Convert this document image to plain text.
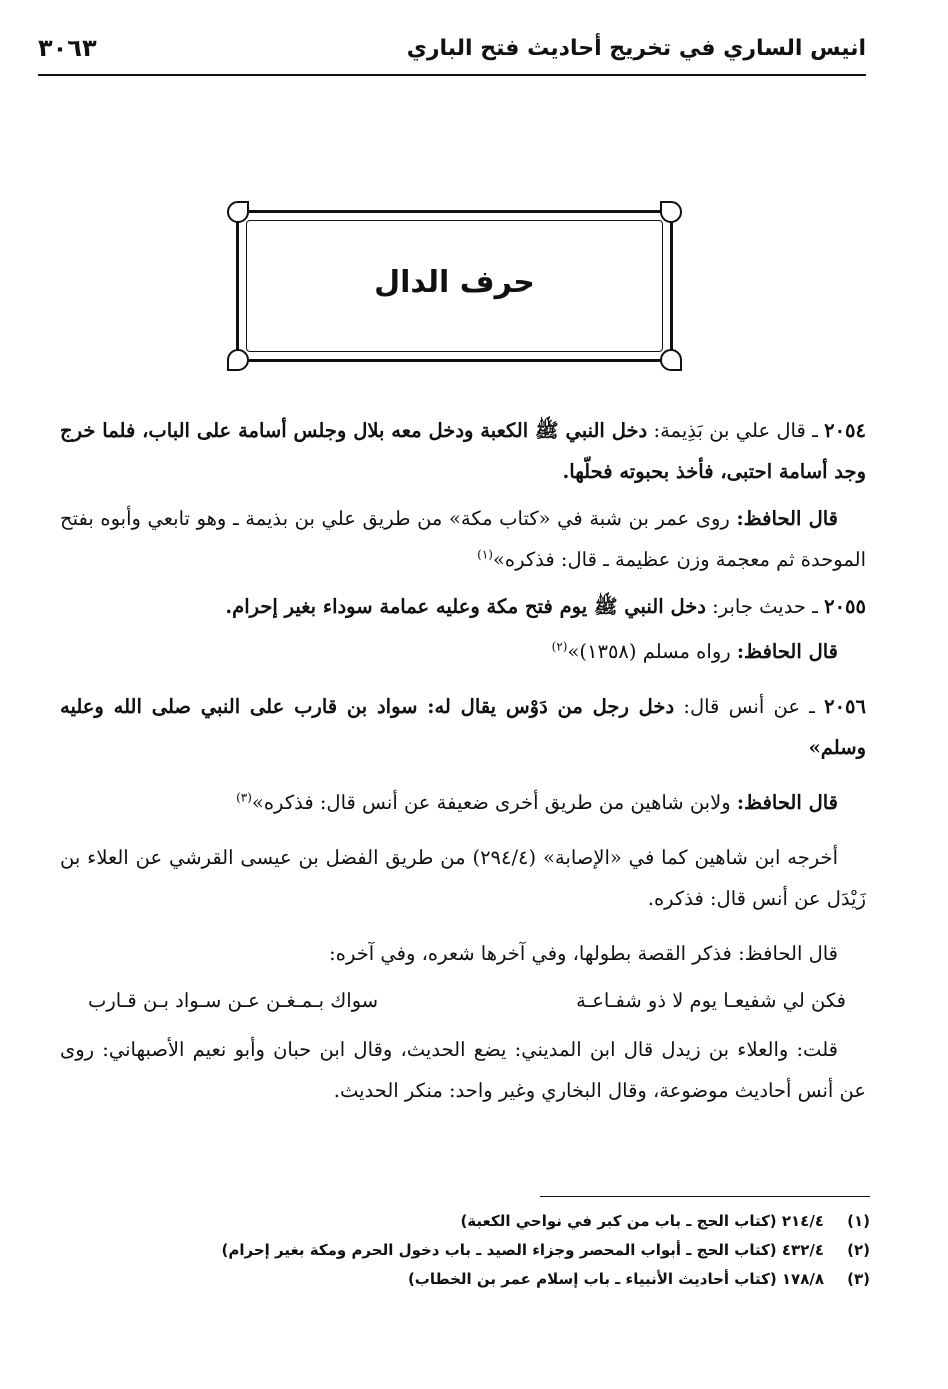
انيس الساري في تخريج أحاديث فتح الباري
٣٠٦٣
حرف الدال

٢٠٥٤ ـ قال علي بن بَذِيمة: دخل النبي ﷺ الكعبة ودخل معه بلال وجلس أسامة على الباب، فلما خرج وجد أسامة احتبى، فأخذ بحبوته فحلّها.

قال الحافظ: روى عمر بن شبة في «كتاب مكة» من طريق علي بن بذيمة ـ وهو تابعي وأبوه بفتح الموحدة ثم معجمة وزن عظيمة ـ قال: فذكره»$^{(١)}$

٢٠٥٥ ـ حديث جابر: دخل النبي ﷺ يوم فتح مكة وعليه عمامة سوداء بغير إحرام.

قال الحافظ: رواه مسلم (١٣٥٨)»$^{(٢)}$

٢٠٥٦ ـ عن أنس قال: دخل رجل من دَوْس يقال له: سواد بن قارب على النبي صلى الله وعليه وسلم»

قال الحافظ: ولابن شاهين من طريق أخرى ضعيفة عن أنس قال: فذكره»$^{(٣)}$

أخرجه ابن شاهين كما في «الإصابة» (٢٩٤/٤) من طريق الفضل بن عيسى القرشي عن العلاء بن زَيْدَل عن أنس قال: فذكره.

قال الحافظ: فذكر القصة بطولها، وفي آخرها شعره، وفي آخره:

فكن لي شفيعـا يوم لا ذو شفـاعـة
سواك بـمـغـن عـن سـواد بـن قـارب

قلت: والعلاء بن زيدل قال ابن المديني: يضع الحديث، وقال ابن حبان وأبو نعيم الأصبهاني: روى عن أنس أحاديث موضوعة، وقال البخاري وغير واحد: منكر الحديث.

(١)
٢١٤/٤ (كتاب الحج ـ باب من كبر في نواحي الكعبة)
(٢)
٤٣٢/٤ (كتاب الحج ـ أبواب المحصر وجزاء الصيد ـ باب دخول الحرم ومكة بغير إحرام)
(٣)
١٧٨/٨ (كتاب أحاديث الأنبياء ـ باب إسلام عمر بن الخطاب)
